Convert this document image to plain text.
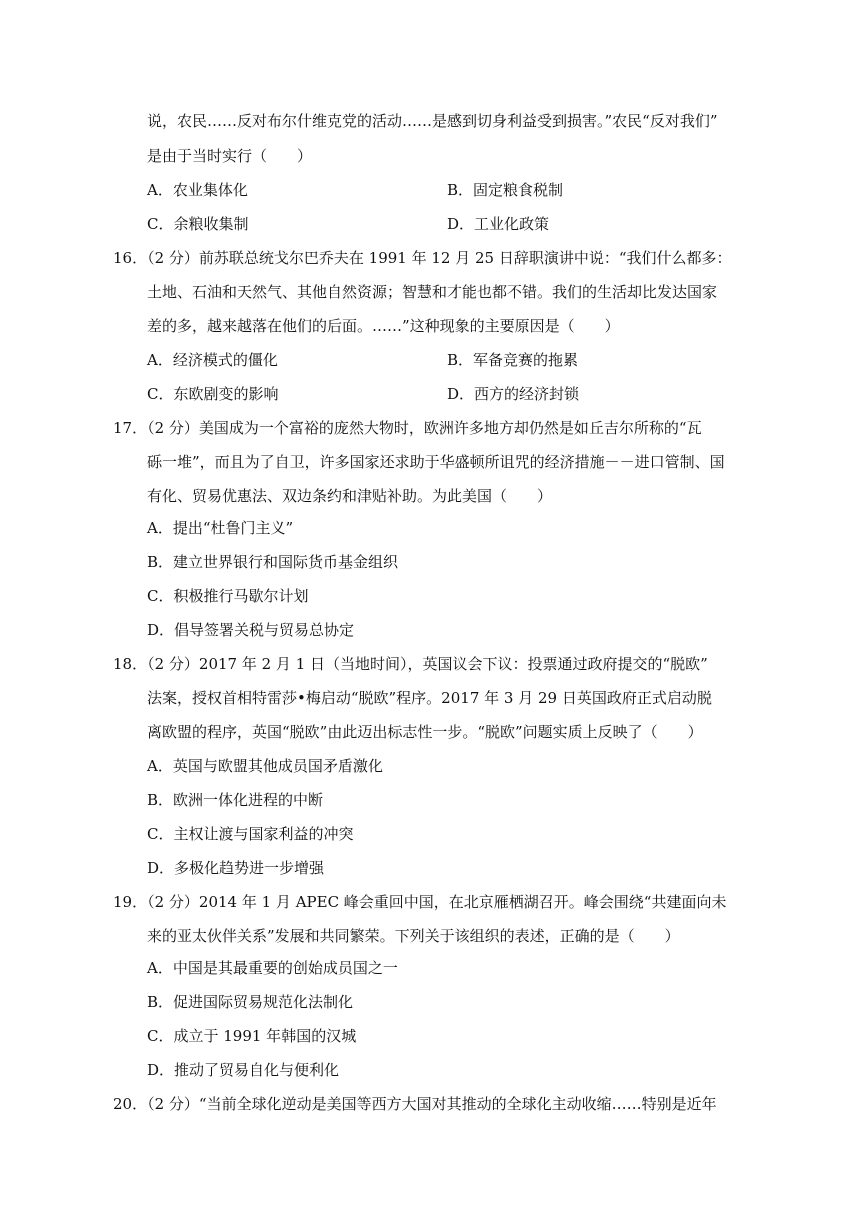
说，农民……反对布尔什维克党的活动……是感到切身利益受到损害。”农民“反对我们”
是由于当时实行（　　）
A．农业集体化	B．固定粮食税制
C．余粮收集制	D．工业化政策
16．（2 分）前苏联总统戈尔巴乔夫在 1991 年 12 月 25 日辞职演讲中说：“我们什么都多：
土地、石油和天然气、其他自然资源；智慧和才能也都不错。我们的生活却比发达国家
差的多，越来越落在他们的后面。……”这种现象的主要原因是（　　）
A．经济模式的僵化	B．军备竞赛的拖累
C．东欧剧变的影响	D．西方的经济封锁
17．（2 分）美国成为一个富裕的庞然大物时，欧洲许多地方却仍然是如丘吉尔所称的“瓦
砾一堆”，而且为了自卫，许多国家还求助于华盛顿所诅咒的经济措施－－进口管制、国
有化、贸易优惠法、双边条约和津贴补助。为此美国（　　）
A．提出“杜鲁门主义”
B．建立世界银行和国际货币基金组织
C．积极推行马歇尔计划
D．倡导签署关税与贸易总协定
18．（2 分）2017 年 2 月 1 日（当地时间），英国议会下议：投票通过政府提交的“脱欧”
法案，授权首相特雷莎•梅启动“脱欧”程序。2017 年 3 月 29 日英国政府正式启动脱
离欧盟的程序，英国“脱欧”由此迈出标志性一步。“脱欧”问题实质上反映了（　　）
A．英国与欧盟其他成员国矛盾激化
B．欧洲一体化进程的中断
C．主权让渡与国家利益的冲突
D．多极化趋势进一步增强
19．（2 分）2014 年 1 月 APEC 峰会重回中国，在北京雁栖湖召开。峰会围绕“共建面向未
来的亚太伙伴关系”发展和共同繁荣。下列关于该组织的表述，正确的是（　　）
A．中国是其最重要的创始成员国之一
B．促进国际贸易规范化法制化
C．成立于 1991 年韩国的汉城
D．推动了贸易自化与便利化
20．（2 分）“当前全球化逆动是美国等西方大国对其推动的全球化主动收缩……特别是近年
